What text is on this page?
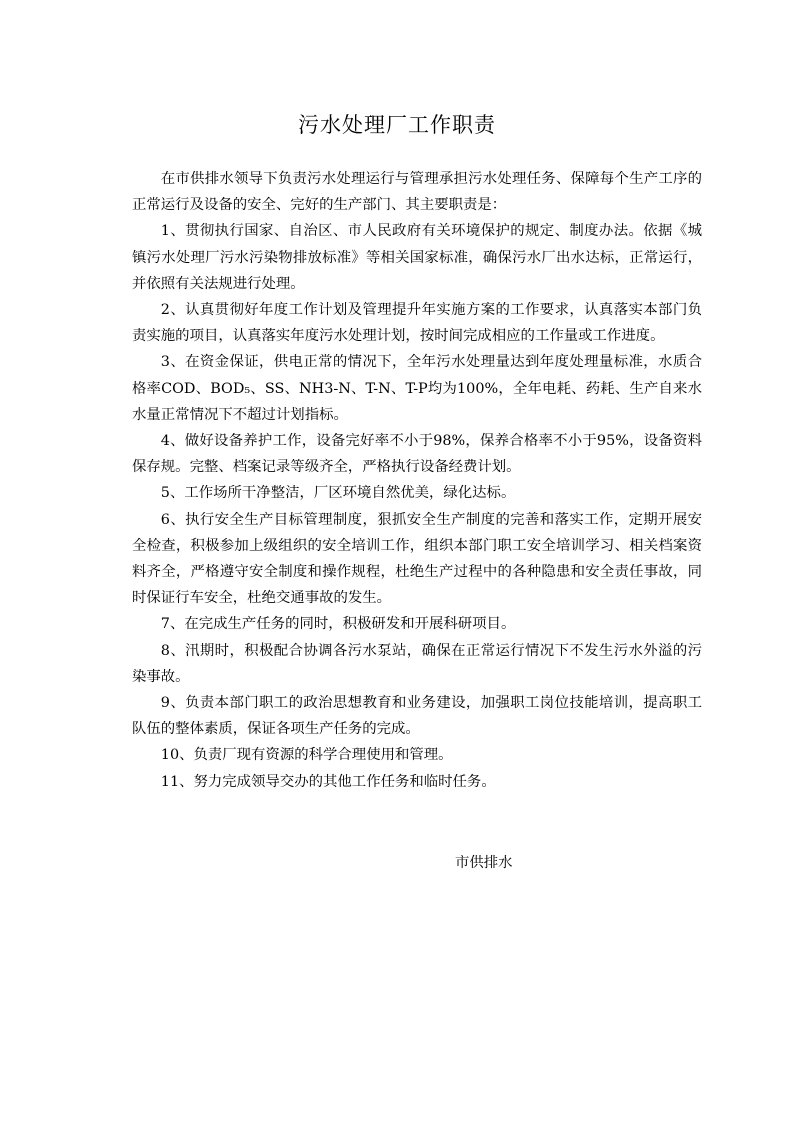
污水处理厂工作职责

在市供排水领导下负责污水处理运行与管理承担污水处理任务、保障每个生产工序的正常运行及设备的安全、完好的生产部门、其主要职责是：

1、贯彻执行国家、自治区、市人民政府有关环境保护的规定、制度办法。依据《城镇污水处理厂污水污染物排放标准》等相关国家标准，确保污水厂出水达标，正常运行，并依照有关法规进行处理。

2、认真贯彻好年度工作计划及管理提升年实施方案的工作要求，认真落实本部门负责实施的项目，认真落实年度污水处理计划，按时间完成相应的工作量或工作进度。

3、在资金保证，供电正常的情况下，全年污水处理量达到年度处理量标准，水质合格率COD、BOD₅、SS、NH3-N、T-N、T-P均为100%，全年电耗、药耗、生产自来水水量正常情况下不超过计划指标。

4、做好设备养护工作，设备完好率不小于98%，保养合格率不小于95%，设备资料保存规。完整、档案记录等级齐全，严格执行设备经费计划。

5、工作场所干净整洁，厂区环境自然优美，绿化达标。

6、执行安全生产目标管理制度，狠抓安全生产制度的完善和落实工作，定期开展安全检查，积极参加上级组织的安全培训工作，组织本部门职工安全培训学习、相关档案资料齐全，严格遵守安全制度和操作规程，杜绝生产过程中的各种隐患和安全责任事故，同时保证行车安全，杜绝交通事故的发生。

7、在完成生产任务的同时，积极研发和开展科研项目。

8、汛期时，积极配合协调各污水泵站，确保在正常运行情况下不发生污水外溢的污染事故。

9、负责本部门职工的政治思想教育和业务建设，加强职工岗位技能培训，提高职工队伍的整体素质，保证各项生产任务的完成。

10、负责厂现有资源的科学合理使用和管理。

11、努力完成领导交办的其他工作任务和临时任务。

市供排水
